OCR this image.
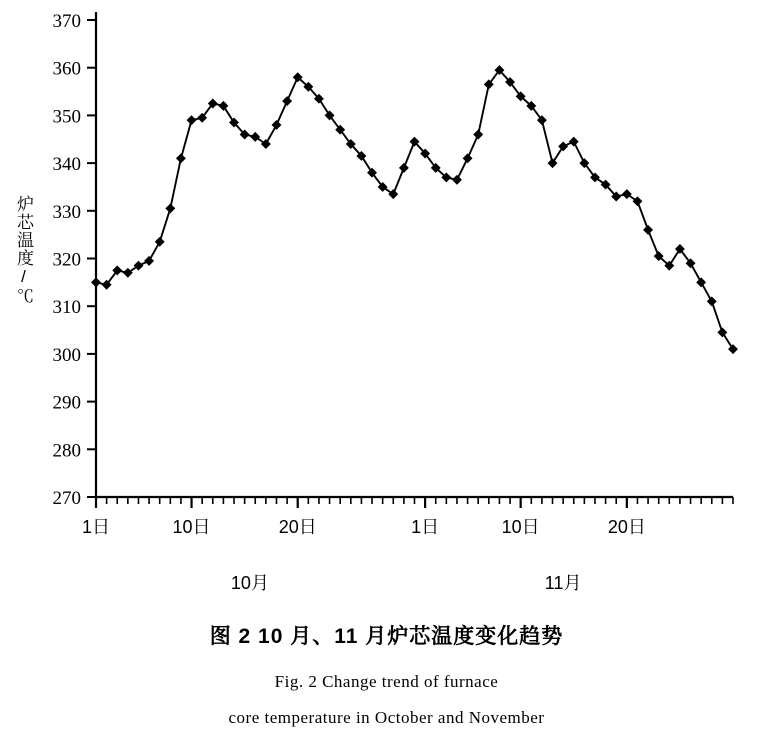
270
280
290
300
310
320
330
340
350
360
370
1日	10日	20日	1日	10日	20日
10月	11月
炉芯温度/℃
图 2 10 月、11 月炉芯温度变化趋势
Fig. 2 Change trend of furnace
core temperature in October and November
